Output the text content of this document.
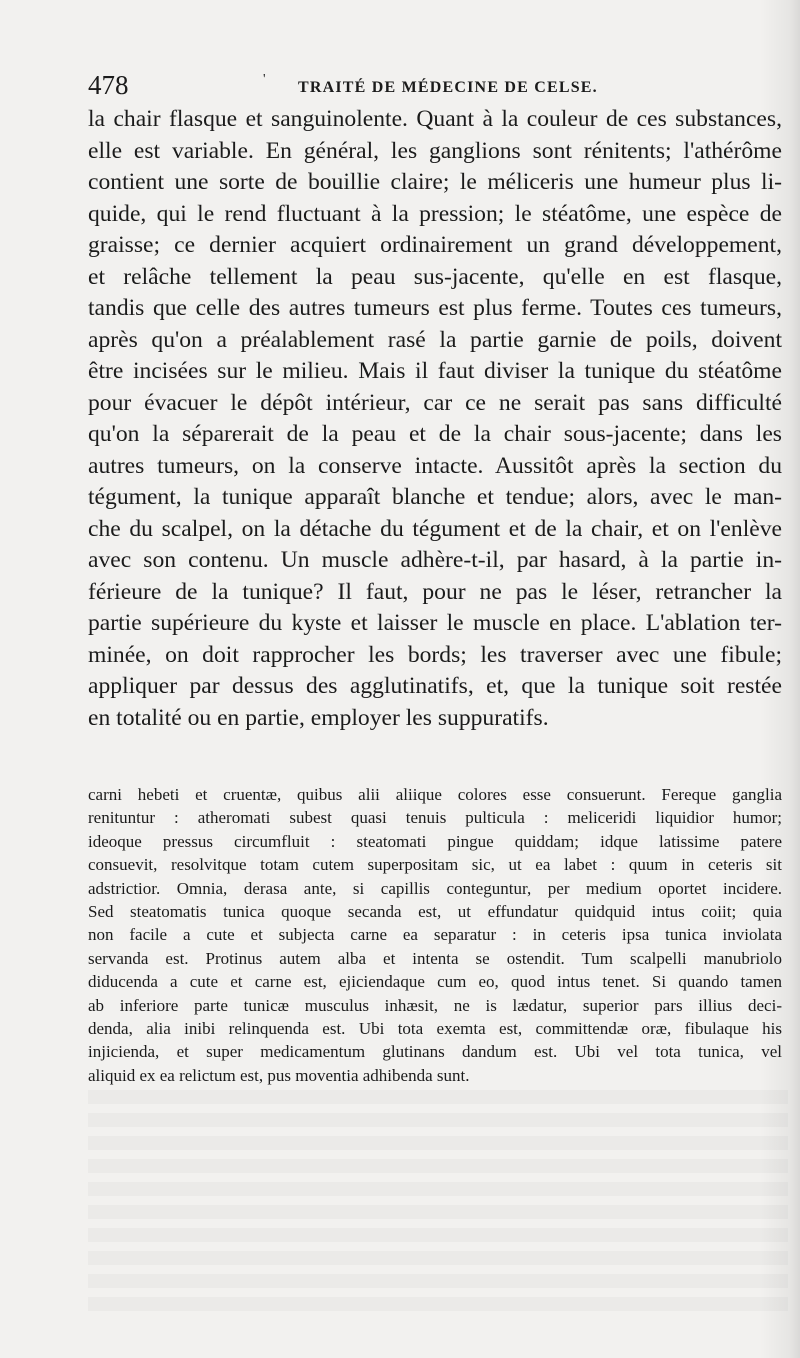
478	' TRAITÉ DE MÉDECINE DE CELSE.
la chair flasque et sanguinolente. Quant à la couleur de ces substances,
elle est variable. En général, les ganglions sont rénitents; l'athérôme
contient une sorte de bouillie claire; le méliceris une humeur plus li-
quide, qui le rend fluctuant à la pression; le stéatôme, une espèce de
graisse; ce dernier acquiert ordinairement un grand développement,
et relâche tellement la peau sus-jacente, qu'elle en est flasque,
tandis que celle des autres tumeurs est plus ferme. Toutes ces tumeurs,
après qu'on a préalablement rasé la partie garnie de poils, doivent
être incisées sur le milieu. Mais il faut diviser la tunique du stéatôme
pour évacuer le dépôt intérieur, car ce ne serait pas sans difficulté
qu'on la séparerait de la peau et de la chair sous-jacente; dans les
autres tumeurs, on la conserve intacte. Aussitôt après la section du
tégument, la tunique apparaît blanche et tendue; alors, avec le man-
che du scalpel, on la détache du tégument et de la chair, et on l'enlève
avec son contenu. Un muscle adhère-t-il, par hasard, à la partie in-
férieure de la tunique? Il faut, pour ne pas le léser, retrancher la
partie supérieure du kyste et laisser le muscle en place. L'ablation ter-
minée, on doit rapprocher les bords; les traverser avec une fibule;
appliquer par dessus des agglutinatifs, et, que la tunique soit restée
en totalité ou en partie, employer les suppuratifs.
carni hebeti et cruentæ, quibus alii aliique colores esse consuerunt. Fereque ganglia
renituntur : atheromati subest quasi tenuis pulticula : meliceridi liquidior humor;
ideoque pressus circumfluit : steatomati pingue quiddam; idque latissime patere
consuevit, resolvitque totam cutem superpositam sic, ut ea labet : quum in ceteris sit
adstrictior. Omnia, derasa ante, si capillis conteguntur, per medium oportet incidere.
Sed steatomatis tunica quoque secanda est, ut effundatur quidquid intus coiit; quia
non facile a cute et subjecta carne ea separatur : in ceteris ipsa tunica inviolata
servanda est. Protinus autem alba et intenta se ostendit. Tum scalpelli manubriolo
diducenda a cute et carne est, ejiciendaque cum eo, quod intus tenet. Si quando tamen
ab inferiore parte tunicæ musculus inhæsit, ne is lædatur, superior pars illius deci-
denda, alia inibi relinquenda est. Ubi tota exemta est, committendæ oræ, fibulaque his
injicienda, et super medicamentum glutinans dandum est. Ubi vel tota tunica, vel
aliquid ex ea relictum est, pus moventia adhibenda sunt.
